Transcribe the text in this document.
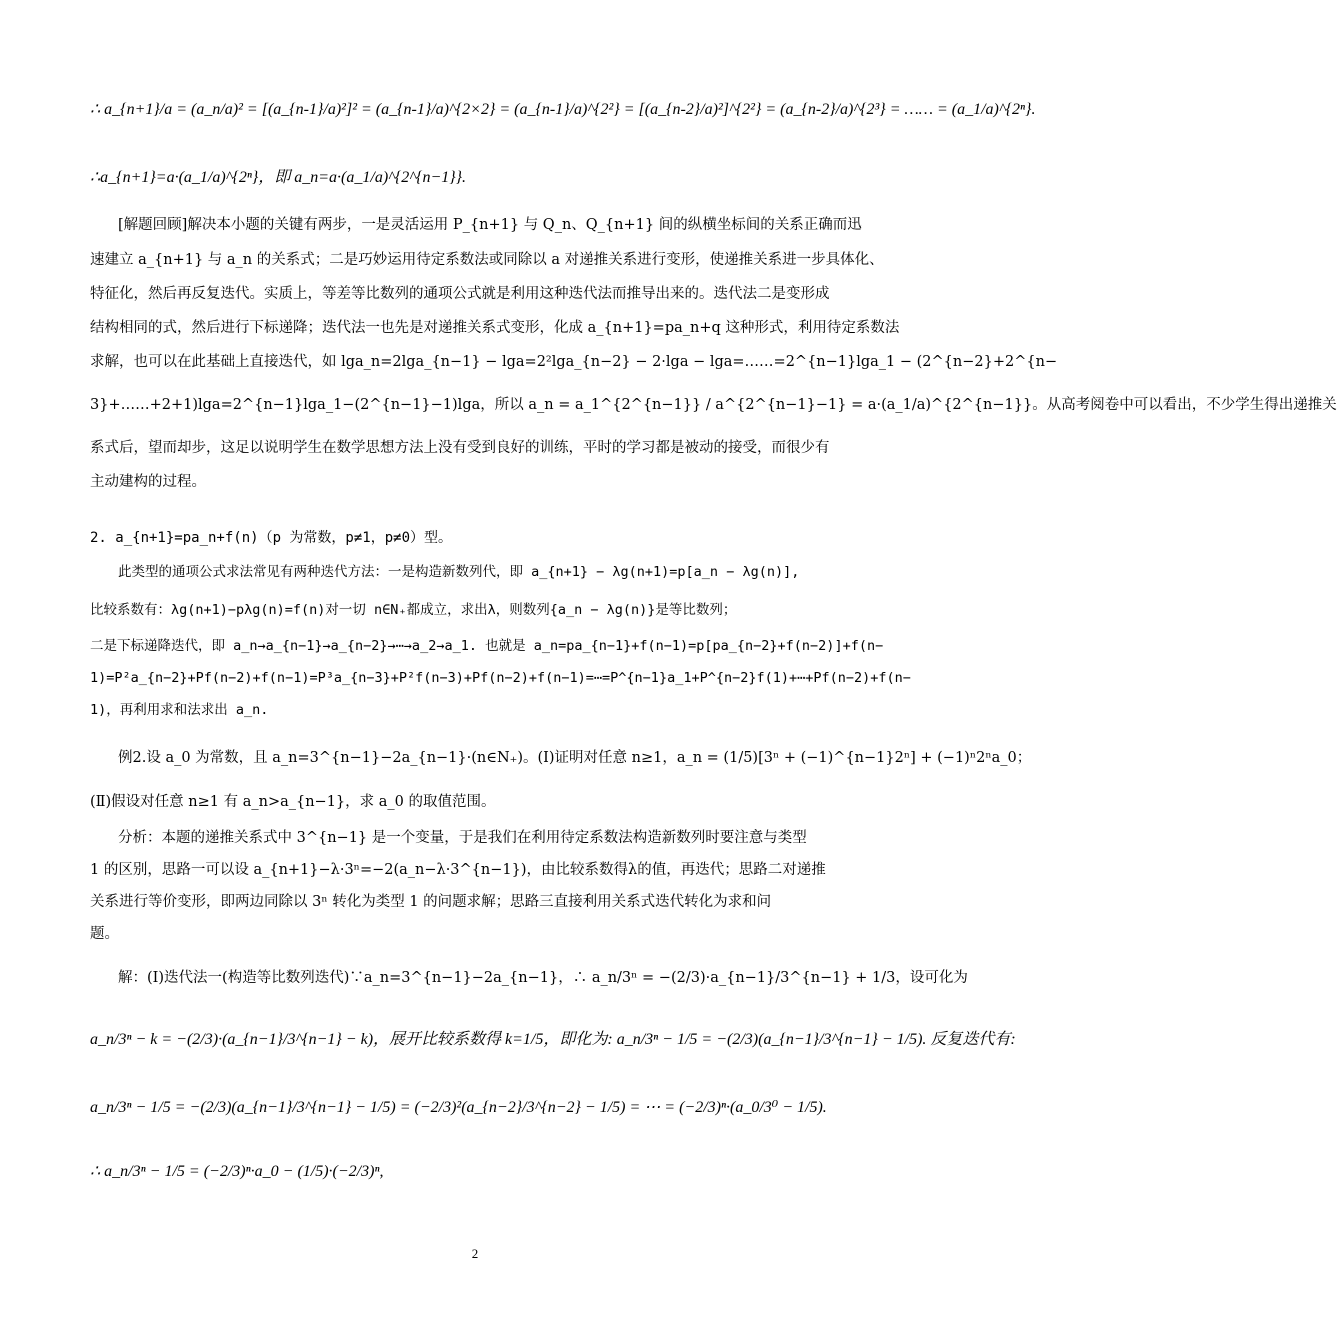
∴ a_{n+1}/a = (a_n/a)² = [(a_{n-1}/a)²]² = (a_{n-1}/a)^{2×2} = (a_{n-1}/a)^{2²} = [(a_{n-2}/a)²]^{2²} = (a_{n-2}/a)^{2³} = …… = (a_1/a)^{2ⁿ}.
∴a_{n+1}=a·(a_1/a)^{2ⁿ}，即 a_n=a·(a_1/a)^{2^{n−1}}.
[解题回顾]解决本小题的关键有两步，一是灵活运用 P_{n+1} 与 Q_n、Q_{n+1} 间的纵横坐标间的关系正确而迅
速建立 a_{n+1} 与 a_n 的关系式；二是巧妙运用待定系数法或同除以 a 对递推关系进行变形，使递推关系进一步具体化、
特征化，然后再反复迭代。实质上，等差等比数列的通项公式就是利用这种迭代法而推导出来的。迭代法二是变形成
结构相同的式，然后进行下标递降；迭代法一也先是对递推关系式变形，化成 a_{n+1}=pa_n+q 这种形式，利用待定系数法
求解，也可以在此基础上直接迭代，如 lga_n=2lga_{n−1} − lga=2²lga_{n−2} − 2·lga − lga=……=2^{n−1}lga_1 − (2^{n−2}+2^{n−
3}+……+2+1)lga=2^{n−1}lga_1−(2^{n−1}−1)lga，所以 a_n = a_1^{2^{n−1}} / a^{2^{n−1}−1} = a·(a_1/a)^{2^{n−1}}。从高考阅卷中可以看出，不少学生得出递推关
系式后，望而却步，这足以说明学生在数学思想方法上没有受到良好的训练，平时的学习都是被动的接受，而很少有
主动建构的过程。
2. a_{n+1}=pa_n+f(n)（p 为常数，p≠1，p≠0）型。
此类型的通项公式求法常见有两种迭代方法：一是构造新数列代，即 a_{n+1} − λg(n+1)=p[a_n − λg(n)],
比较系数有：λg(n+1)−pλg(n)=f(n)对一切 n∈N₊都成立，求出λ，则数列{a_n − λg(n)}是等比数列；
二是下标递降迭代，即 a_n→a_{n−1}→a_{n−2}→⋯→a_2→a_1. 也就是 a_n=pa_{n−1}+f(n−1)=p[pa_{n−2}+f(n−2)]+f(n−
1)=P²a_{n−2}+Pf(n−2)+f(n−1)=P³a_{n−3}+P²f(n−3)+Pf(n−2)+f(n−1)=⋯=P^{n−1}a_1+P^{n−2}f(1)+⋯+Pf(n−2)+f(n−
1)，再利用求和法求出 a_n.
例2.设 a_0 为常数，且 a_n=3^{n−1}−2a_{n−1}·(n∈N₊)。(Ⅰ)证明对任意 n≥1，a_n = (1/5)[3ⁿ + (−1)^{n−1}2ⁿ] + (−1)ⁿ2ⁿa_0；
(Ⅱ)假设对任意 n≥1 有 a_n>a_{n−1}，求 a_0 的取值范围。
分析：本题的递推关系式中 3^{n−1} 是一个变量，于是我们在利用待定系数法构造新数列时要注意与类型
1 的区别，思路一可以设 a_{n+1}−λ·3ⁿ=−2(a_n−λ·3^{n−1})，由比较系数得λ的值，再迭代；思路二对递推
关系进行等价变形，即两边同除以 3ⁿ 转化为类型 1 的问题求解；思路三直接利用关系式迭代转化为求和问
题。
解：(Ⅰ)迭代法一(构造等比数列迭代)∵a_n=3^{n−1}−2a_{n−1}，∴ a_n/3ⁿ = −(2/3)·a_{n−1}/3^{n−1} + 1/3，设可化为
a_n/3ⁿ − k = −(2/3)·(a_{n−1}/3^{n−1} − k)，展开比较系数得 k=1/5，即化为: a_n/3ⁿ − 1/5 = −(2/3)(a_{n−1}/3^{n−1} − 1/5). 反复迭代有:
a_n/3ⁿ − 1/5 = −(2/3)(a_{n−1}/3^{n−1} − 1/5) = (−2/3)²(a_{n−2}/3^{n−2} − 1/5) = ⋯ = (−2/3)ⁿ·(a_0/3⁰ − 1/5).
∴ a_n/3ⁿ − 1/5 = (−2/3)ⁿ·a_0 − (1/5)·(−2/3)ⁿ,
2
